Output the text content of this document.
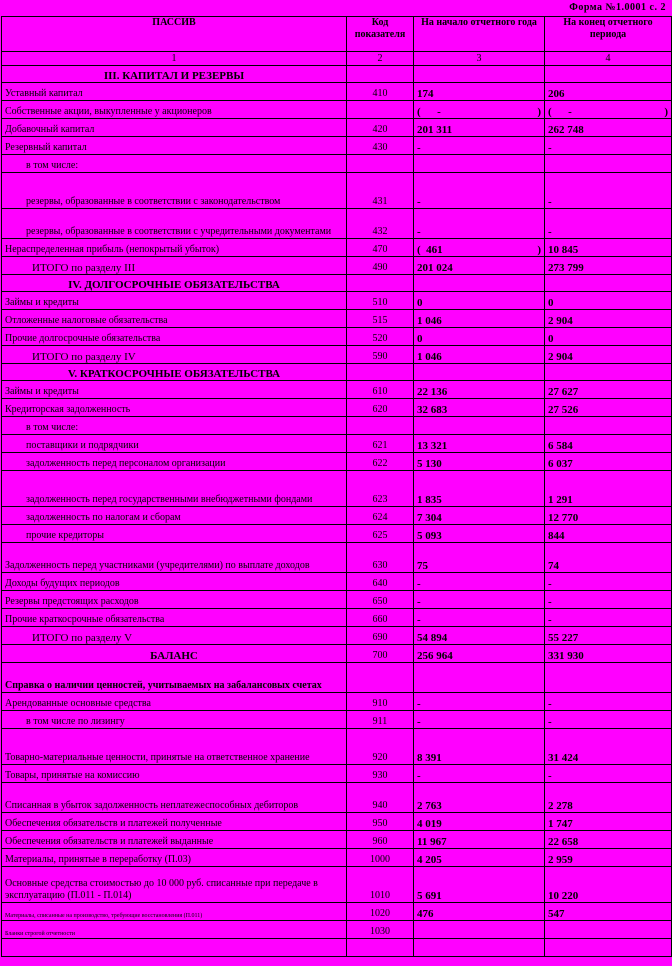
Форма №1.0001 с. 2
ПАССИВ	Код показателя	На начало отчетного года	На конец отчетного периода
1	2	3	4
III. КАПИТАЛ И РЕЗЕРВЫ			
Уставный капитал	410	174	206
Собственные акции, выкупленные у акционеров		(      - )	(      - )

Добавочный капитал	420	201 311	262 748
Резервный капитал	430	-	-
в том числе:			
резервы, образованные в соответствии с законодательством	431	-	-
резервы, образованные в соответствии с учредительными документами	432	-	-
Нераспределенная прибыль (непокрытый убыток)	470	(  461 )	10 845

ИТОГО по разделу III	490	201 024	273 799
IV. ДОЛГОСРОЧНЫЕ ОБЯЗАТЕЛЬСТВА			
Займы и кредиты	510	0	0
Отложенные налоговые обязательства	515	1 046	2 904
Прочие долгосрочные обязательства	520	0	0
ИТОГО по разделу IV	590	1 046	2 904
V. КРАТКОСРОЧНЫЕ ОБЯЗАТЕЛЬСТВА			
Займы и кредиты	610	22 136	27 627
Кредиторская задолженность	620	32 683	27 526
в том числе:			
поставщики и подрядчики	621	13 321	6 584
задолженность перед персоналом организации	622	5 130	6 037
задолженность перед государственными внебюджетными фондами	623	1 835	1 291
задолженность по налогам и сборам	624	7 304	12 770
прочие кредиторы	625	5 093	844
Задолженность перед участниками (учредителями) по выплате доходов	630	75	74
Доходы будущих периодов	640	-	-
Резервы предстоящих расходов	650	-	-
Прочие краткосрочные обязательства	660	-	-
ИТОГО по разделу V	690	54 894	55 227
БАЛАНС	700	256 964	331 930
Справка о наличии ценностей, учитываемых на забалансовых счетах			
Арендованные основные средства	910	-	-
в том числе по лизингу	911	-	-
Товарно-материальные ценности, принятые на ответственное хранение	920	8 391	31 424
Товары, принятые на комиссию	930	-	-
Списанная в убыток задолженность неплатежеспособных дебиторов	940	2 763	2 278
Обеспечения обязательств и платежей полученные	950	4 019	1 747
Обеспечения обязательств и платежей выданные	960	11 967	22 658
Материалы, принятые в переработку (П.03)	1000	4 205	2 959
Основные средства стоимостью до 10 000 руб. списанные при передаче в эксплуатацию (П.011 - П.014)	1010	5 691	10 220
Материалы, списанные на производство, требующие восстановления (П.011)	1020	476	547
Бланки строгой отчетности	1030		
